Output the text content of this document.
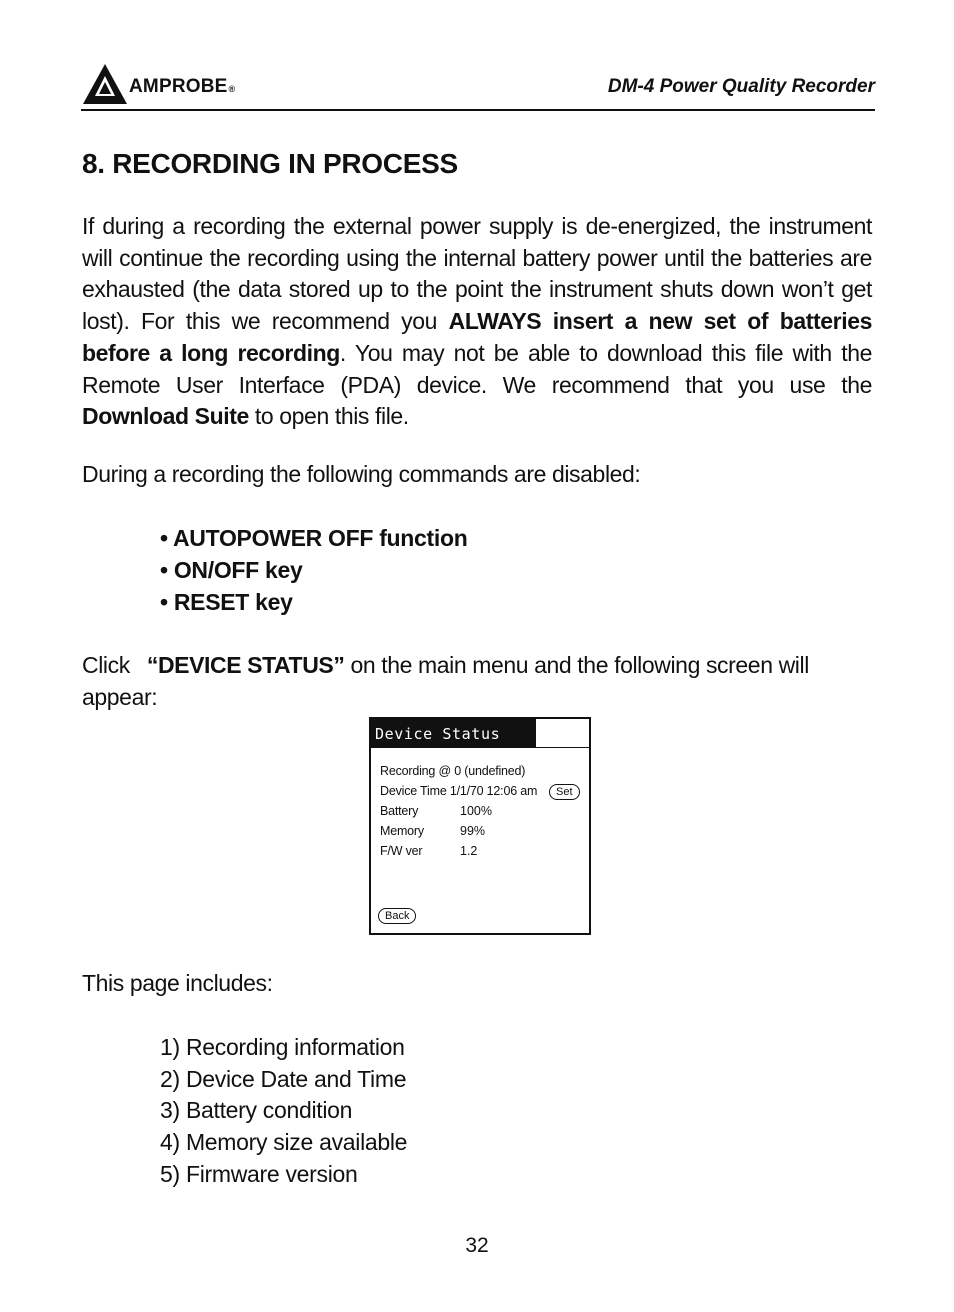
AMPROBE®	DM-4 Power Quality Recorder
8. RECORDING IN PROCESS

If during a recording the external power supply is de-energized, the instrument will continue the recording using the internal battery power until the batteries are exhausted (the data stored up to the point the instrument shuts down won’t get lost). For this we recommend you ALWAYS insert a new set of batteries before a long recording. You may not be able to download this file with the Remote User Interface (PDA) device. We recommend that you use the Download Suite to open this file.

During a recording the following commands are disabled:

• AUTOPOWER OFF function
• ON/OFF key
• RESET key

Click “DEVICE STATUS” on the main menu and the following screen will appear:

Device Status
Recording @ 0 (undefined)
Device Time 1/1/70 12:06 am	Set
Battery	100%
Memory	99%
F/W ver	1.2
Back

This page includes:

1) Recording information
2) Device Date and Time
3) Battery condition
4) Memory size available
5) Firmware version
32
